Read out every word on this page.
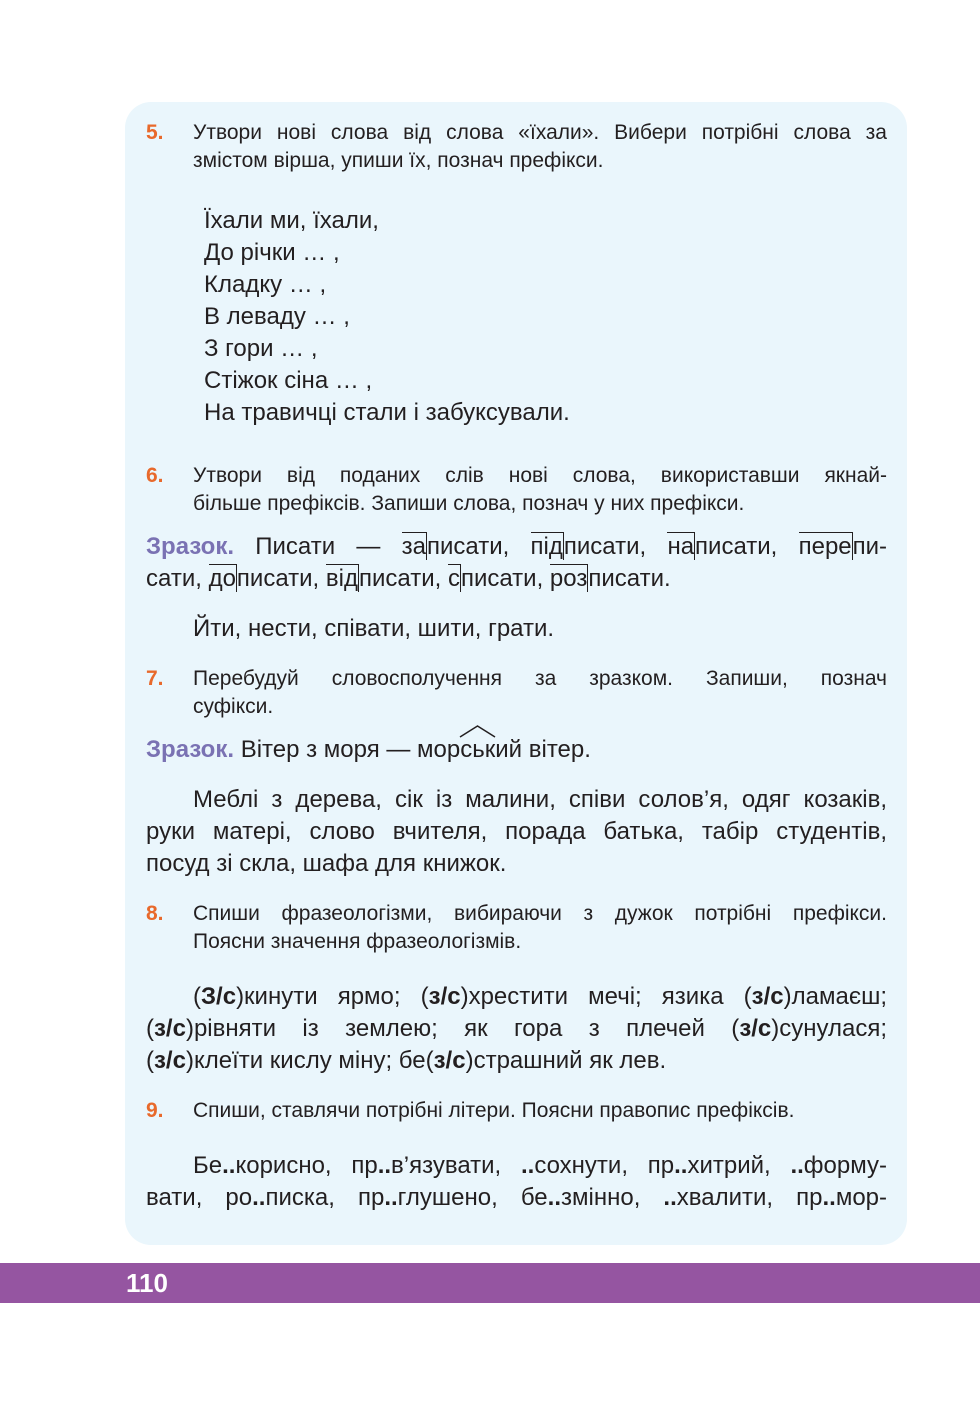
5. Утвори нові слова від слова «їхали». Вибери потрібні слова за
змістом вірша, упиши їх, познач префікси.
Їхали ми, їхали,
До річки … ,
Кладку … ,
В леваду … ,
З гори … ,
Стіжок сіна … ,
На травичці стали і забуксували.
6. Утвори від поданих слів нові слова, використавши якнай-
більше префіксів. Запиши слова, познач у них префікси.
Зразок. Писати — записати, підписати, написати, перепи-
сати, дописати, відписати, списати, розписати.
Йти, нести, співати, шити, грати.
7. Перебудуй словосполучення за зразком. Запиши, познач
суфікси.
Зразок. Вітер з моря — мор
ський вітер.
Меблі з дерева, сік із малини, співи солов’я, одяг козаків,
руки матері, слово вчителя, порада батька, табір студентів,
посуд зі скла, шафа для книжок.
8. Спиши фразеологізми, вибираючи з дужок потрібні префікси.
Поясни значення фразеологізмів.
(З/с)кинути ярмо; (з/с)хрестити мечі; язика (з/с)ламаєш;
(з/с)рівняти із землею; як гора з плечей (з/с)сунулася;
(з/с)клеїти кислу міну; бе(з/с)страшний як лев.
9. Спиши, ставлячи потрібні літери. Поясни правопис префіксів.
Бе..корисно, пр..в’язувати, ..сохнути, пр..хитрий, ..форму-
вати, ро..писка, пр..глушено, бе..змінно, ..хвалити, пр..мор-
110
